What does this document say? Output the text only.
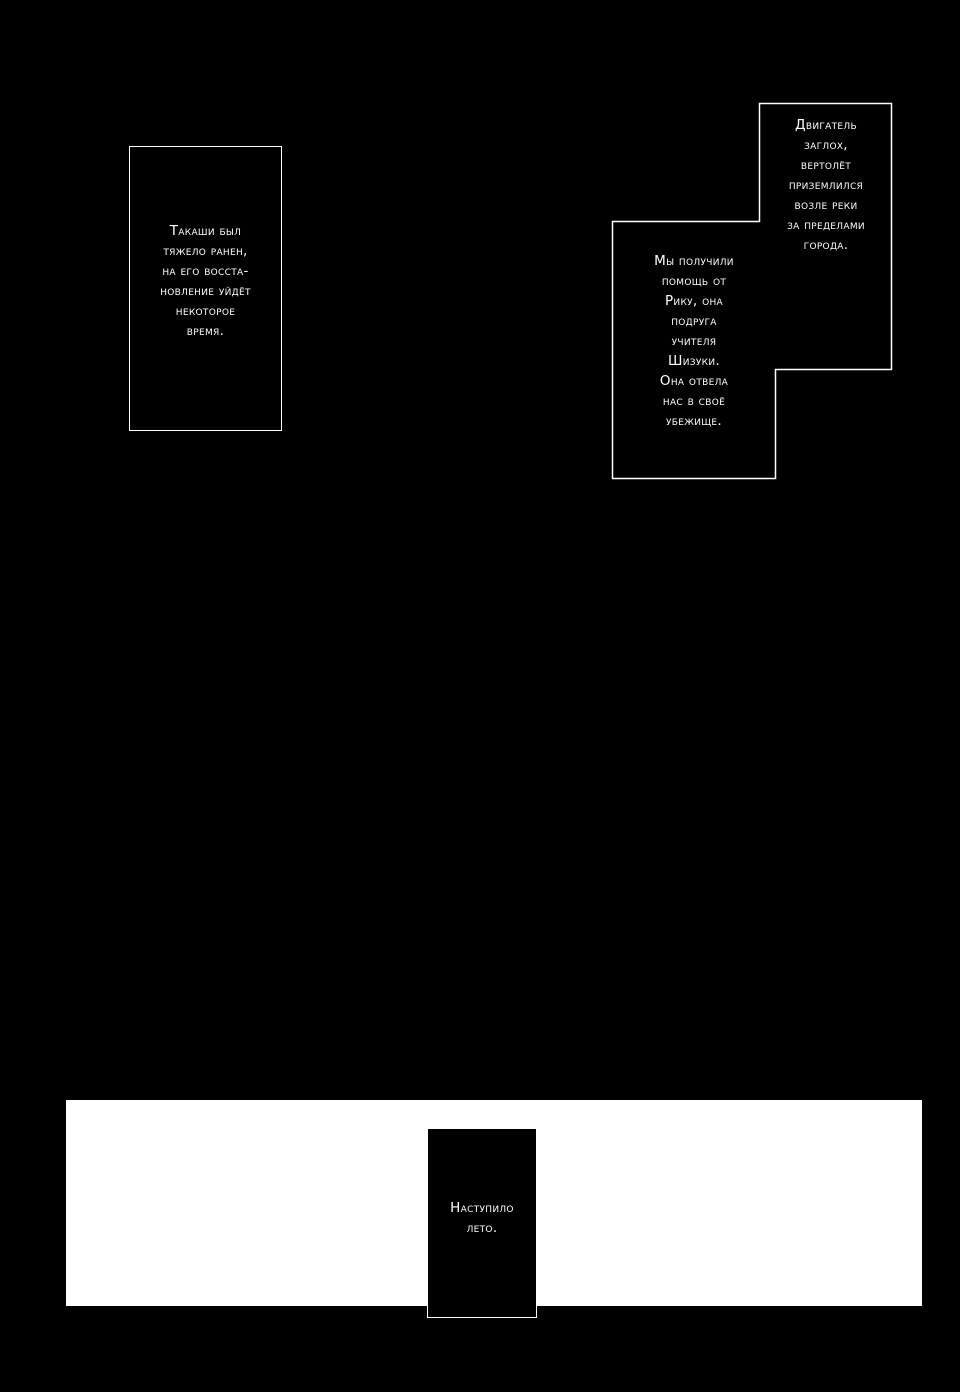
Такаши был
тяжело ранен,
на его восста-
новление уйдёт
некоторое
время.
Двигатель
заглох,
вертолёт
приземлился
возле реки
за пределами
города.
Мы получили
помощь от
Рику, она
подруга
учителя
Шизуки.
Она отвела
нас в своё
убежище.
Наступило
лето.
